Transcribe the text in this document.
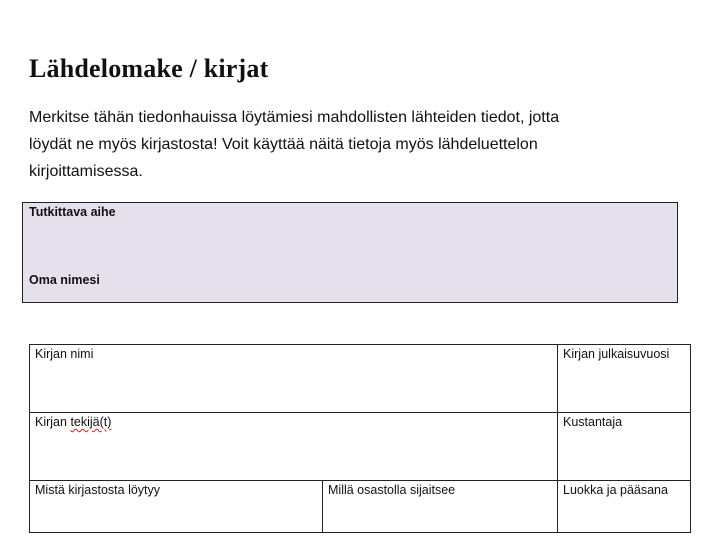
Lähdelomake / kirjat

Merkitse tähän tiedonhauissa löytämiesi mahdollisten lähteiden tiedot, jotta
löydät ne myös kirjastosta! Voit käyttää näitä tietoja myös lähdeluettelon
kirjoittamisessa.

Tutkittava aihe
Oma nimesi
Kirjan nimi		Kirjan julkaisuvuosi
Kirjan tekijä(t)		Kustantaja
Mistä kirjastosta löytyy	Millä osastolla sijaitsee	Luokka ja pääsana
